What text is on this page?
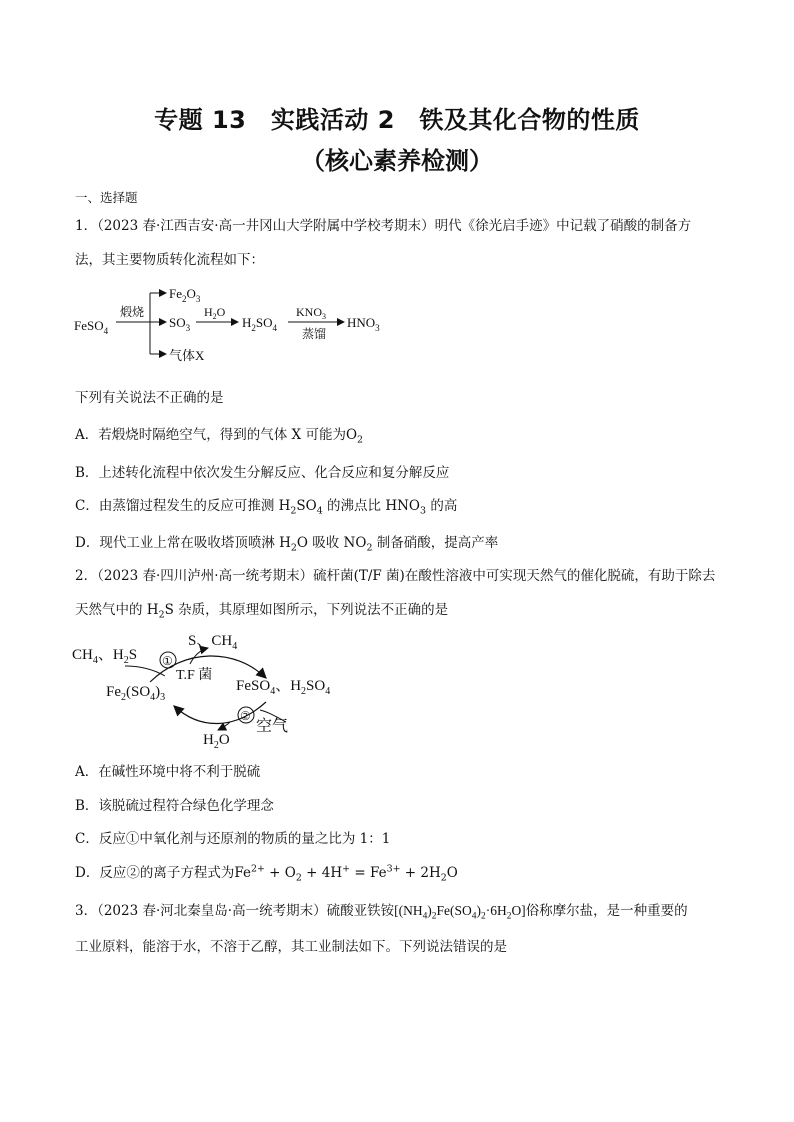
专题 13　实践活动 2　铁及其化合物的性质
（核心素养检测）
一、选择题
1．（2023 春·江西吉安·高一井冈山大学附属中学校考期末）明代《徐光启手迹》中记载了硝酸的制备方
法，其主要物质转化流程如下：
FeSO$_4$
煅烧
$Fe_2O_3$
$SO_3$
气体X
$H_2O$
$H_2SO_4$
$KNO_3$
蒸馏
$HNO_3$
下列有关说法不正确的是
A．若煅烧时隔绝空气，得到的气体 X 可能为$O_2$
B．上述转化流程中依次发生分解反应、化合反应和复分解反应
C．由蒸馏过程发生的反应可推测 $H_2SO_4$ 的沸点比 $HNO_3$ 的高
D．现代工业上常在吸收塔顶喷淋 $H_2O$ 吸收 $NO_2$ 制备硝酸，提高产率
2．（2023 春·四川泸州·高一统考期末）硫杆菌(T/F 菌)在酸性溶液中可实现天然气的催化脱硫，有助于除去
天然气中的 $H_2S$ 杂质，其原理如图所示，下列说法不正确的是
$CH_4$、$H_2S$
S、$CH_4$
①
T.F 菌
$Fe_2(SO_4)_3$
FeSO$_4$、$H_2SO_4$
②
空气
$H_2O$
A．在碱性环境中将不利于脱硫
B．该脱硫过程符合绿色化学理念
C．反应①中氧化剂与还原剂的物质的量之比为 1：1
D．反应②的离子方程式为$Fe^{2+} + O_2 + 4H^+ = Fe^{3+} + 2H_2O$
3．（2023 春·河北秦皇岛·高一统考期末）硫酸亚铁铵$[(NH_4)_2Fe(SO_4)_2\cdot 6H_2O]$俗称摩尔盐，是一种重要的
工业原料，能溶于水，不溶于乙醇，其工业制法如下。下列说法错误的是
